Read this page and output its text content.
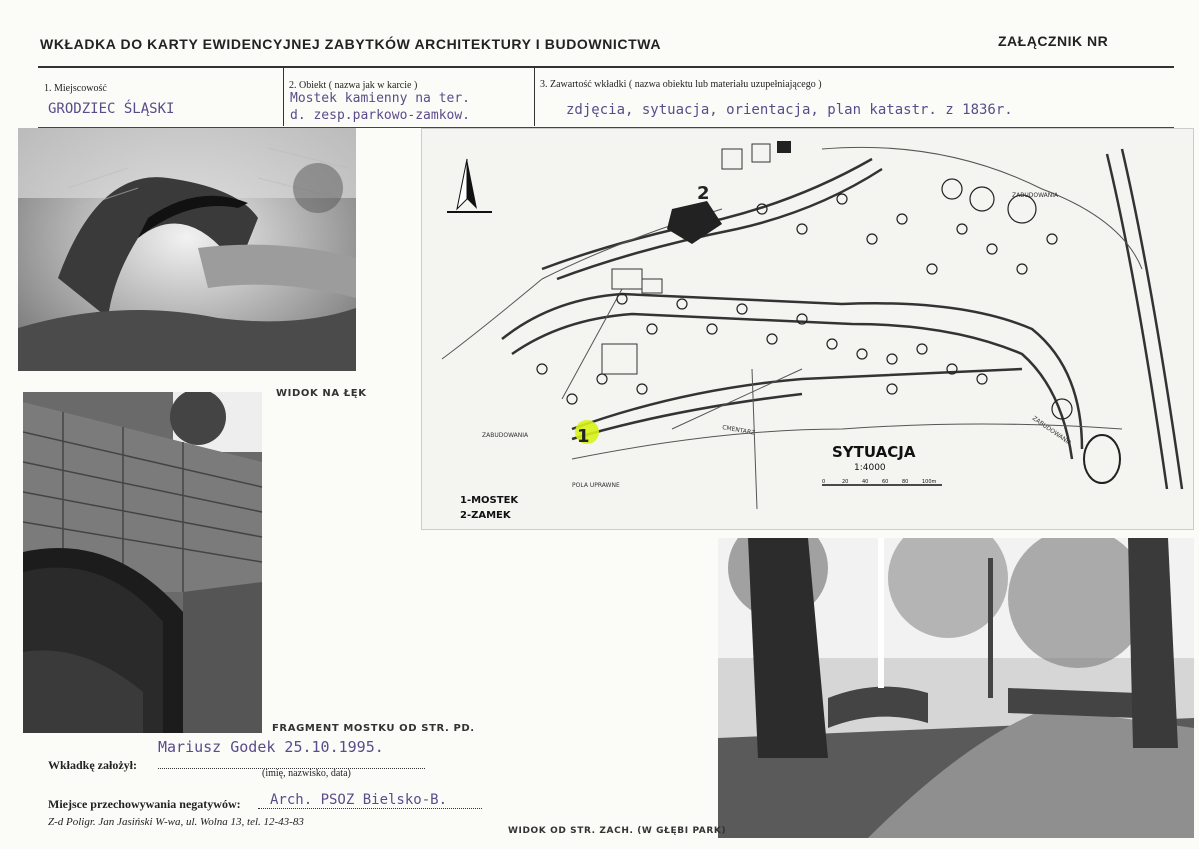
WKŁADKA DO KARTY EWIDENCYJNEJ ZABYTKÓW ARCHITEKTURY I BUDOWNICTWA	ZAŁĄCZNIK NR
1. Miejscowość
GRODZIEC ŚLĄSKI
2. Obiekt ( nazwa jak w karcie )
Mostek kamienny na ter.
d. zesp.parkowo-zamkow.
3. Zawartość wkładki ( nazwa obiektu lub materiału uzupełniającego )
zdjęcia, sytuacja, orientacja, plan katastr. z 1836r.
WIDOK NA ŁĘK
FRAGMENT MOSTKU OD STR. PD.
1
2
ZABUDOWANIA
ZABUDOWANIA
ZABUDOWANIA
CMENTARZ
POLA UPRAWNE
SYTUACJA
1:4000
0	20	40	60	80	100m
1-MOSTEK
2-ZAMEK
WIDOK OD STR. ZACH. (W GŁĘBI PARK)
Wkładkę założył:
Mariusz Godek 25.10.1995.
(imię, nazwisko, data)
Miejsce przechowywania negatywów: Arch. PSOZ Bielsko-B.
Z-d Poligr. Jan Jasiński W-wa, ul. Wolna 13, tel. 12-43-83
